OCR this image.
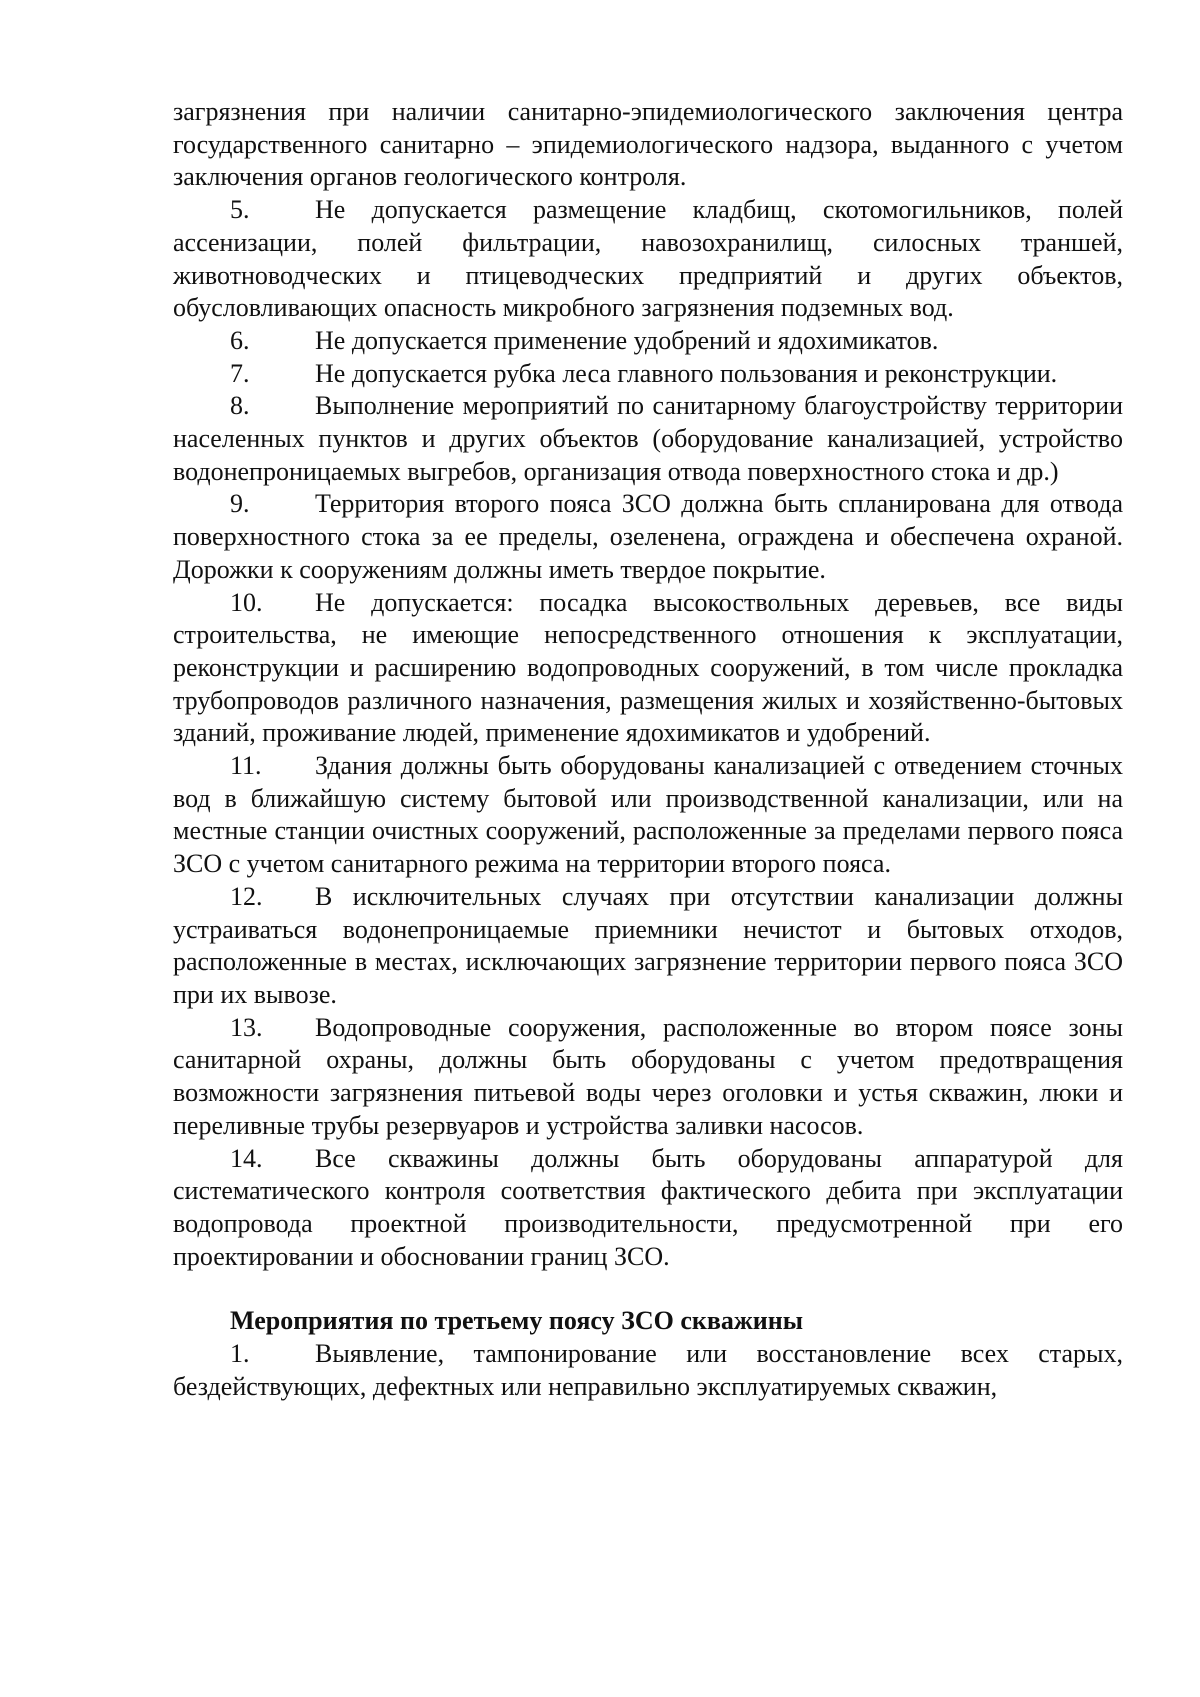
загрязнения при наличии санитарно-эпидемиологического заключения центра государственного санитарно – эпидемиологического надзора, выданного с учетом заключения органов геологического контроля.

5.	Не допускается размещение кладбищ, скотомогильников, полей ассенизации, полей фильтрации, навозохранилищ, силосных траншей, животноводческих и птицеводческих предприятий и других объектов, обусловливающих опасность микробного загрязнения подземных вод.

6.	Не допускается применение удобрений и ядохимикатов.

7.	Не допускается рубка леса главного пользования и реконструкции.

8.	Выполнение мероприятий по санитарному благоустройству территории населенных пунктов и других объектов (оборудование канализацией, устройство водонепроницаемых выгребов, организация отвода поверхностного стока и др.)

9.	Территория второго пояса ЗСО должна быть спланирована для отвода поверхностного стока за ее пределы, озеленена, ограждена и обеспечена охраной. Дорожки к сооружениям должны иметь твердое покрытие.

10. Не допускается: посадка высокоствольных деревьев, все виды строительства, не имеющие непосредственного отношения к эксплуатации, реконструкции и расширению водопроводных сооружений, в том числе прокладка трубопроводов различного назначения, размещения жилых и хозяйственно-бытовых зданий, проживание людей, применение ядохимикатов и удобрений.

11. Здания должны быть оборудованы канализацией с отведением сточных вод в ближайшую систему бытовой или производственной канализации, или на местные станции очистных сооружений, расположенные за пределами первого пояса ЗСО с учетом санитарного режима на территории второго пояса.

12. В исключительных случаях при отсутствии канализации должны устраиваться водонепроницаемые приемники нечистот и бытовых отходов, расположенные в местах, исключающих загрязнение территории первого пояса ЗСО при их вывозе.

13. Водопроводные сооружения, расположенные во втором поясе зоны санитарной охраны, должны быть оборудованы с учетом предотвращения возможности загрязнения питьевой воды через оголовки и устья скважин, люки и переливные трубы резервуаров и устройства заливки насосов.

14. Все скважины должны быть оборудованы аппаратурой для систематического контроля соответствия фактического дебита при эксплуатации водопровода проектной производительности, предусмотренной при его проектировании и обосновании границ ЗСО.

Мероприятия по третьему поясу ЗСО скважины

1.	Выявление, тампонирование или восстановление всех старых, бездействующих, дефектных или неправильно эксплуатируемых скважин,
